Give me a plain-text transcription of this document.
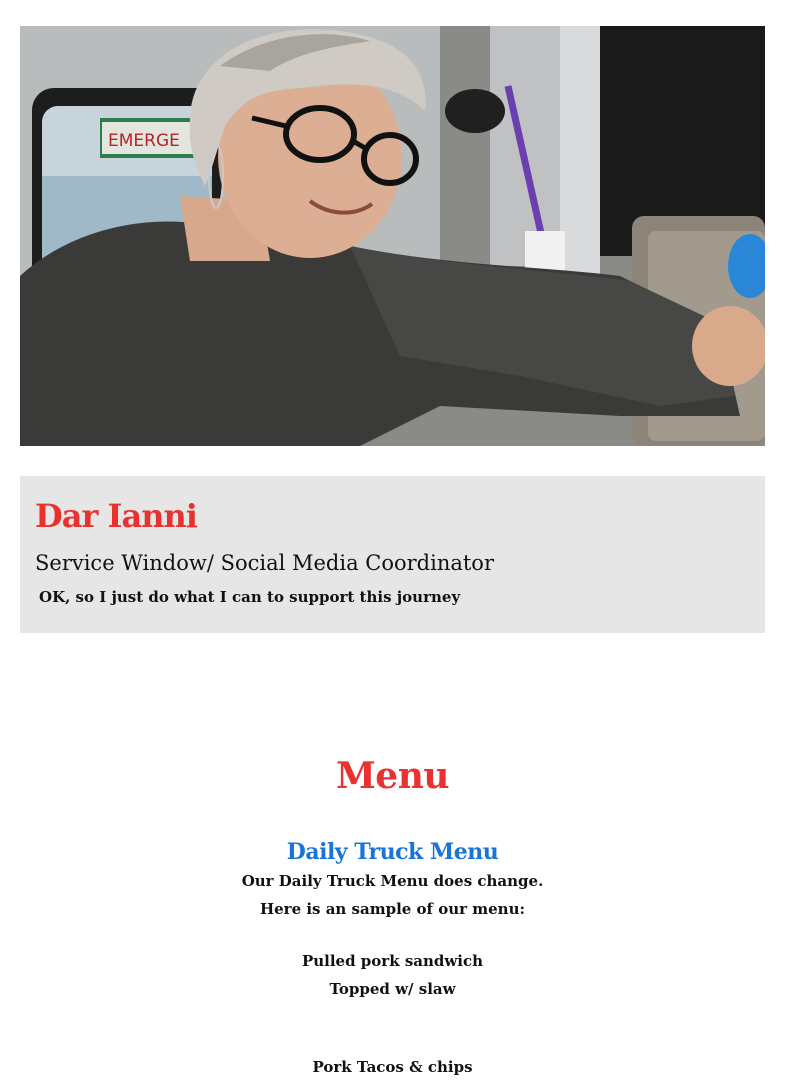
EMERGE
Dar Ianni
Service Window/ Social Media Coordinator

OK, so I just do what I can to support this journey

Menu
Daily Truck Menu

Our Daily Truck Menu does change.

Here is an sample of our menu:

Pulled pork sandwich

Topped w/ slaw

Pork Tacos & chips
